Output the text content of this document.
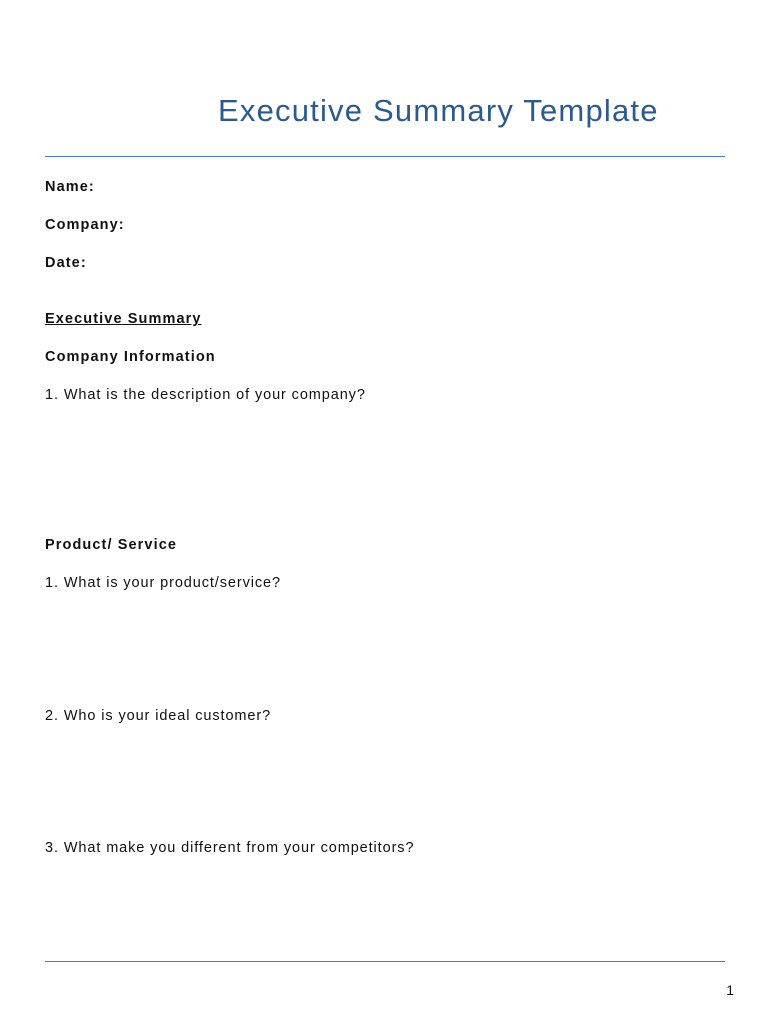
Executive Summary Template
Name:
Company:
Date:
Executive Summary
Company Information
1. What is the description of your company?
Product/ Service
1. What is your product/service?
2. Who is your ideal customer?
3. What make you different from your competitors?
1
